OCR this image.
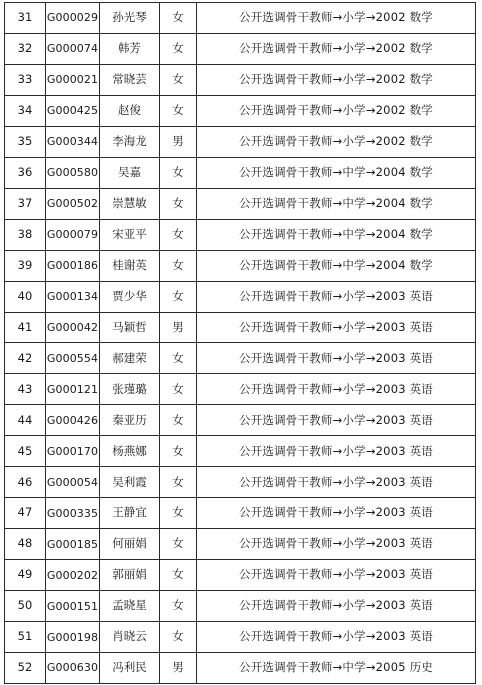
31	G000029	孙光琴	女	公开选调骨干教师→小学→2002 数学
32	G000074	韩芳	女	公开选调骨干教师→小学→2002 数学
33	G000021	常晓芸	女	公开选调骨干教师→小学→2002 数学
34	G000425	赵俊	女	公开选调骨干教师→小学→2002 数学
35	G000344	李海龙	男	公开选调骨干教师→小学→2002 数学
36	G000580	吴嘉	女	公开选调骨干教师→中学→2004 数学
37	G000502	崇慧敏	女	公开选调骨干教师→中学→2004 数学
38	G000079	宋亚平	女	公开选调骨干教师→中学→2004 数学
39	G000186	桂谢英	女	公开选调骨干教师→中学→2004 数学
40	G000134	贾少华	女	公开选调骨干教师→小学→2003 英语
41	G000042	马颖哲	男	公开选调骨干教师→小学→2003 英语
42	G000554	郝建荣	女	公开选调骨干教师→小学→2003 英语
43	G000121	张瑾璐	女	公开选调骨干教师→小学→2003 英语
44	G000426	秦亚历	女	公开选调骨干教师→小学→2003 英语
45	G000170	杨燕娜	女	公开选调骨干教师→小学→2003 英语
46	G000054	吴利霞	女	公开选调骨干教师→小学→2003 英语
47	G000335	王静宜	女	公开选调骨干教师→小学→2003 英语
48	G000185	何丽娟	女	公开选调骨干教师→小学→2003 英语
49	G000202	郭丽娟	女	公开选调骨干教师→小学→2003 英语
50	G000151	孟晓星	女	公开选调骨干教师→小学→2003 英语
51	G000198	肖晓云	女	公开选调骨干教师→小学→2003 英语
52	G000630	冯利民	男	公开选调骨干教师→中学→2005 历史
